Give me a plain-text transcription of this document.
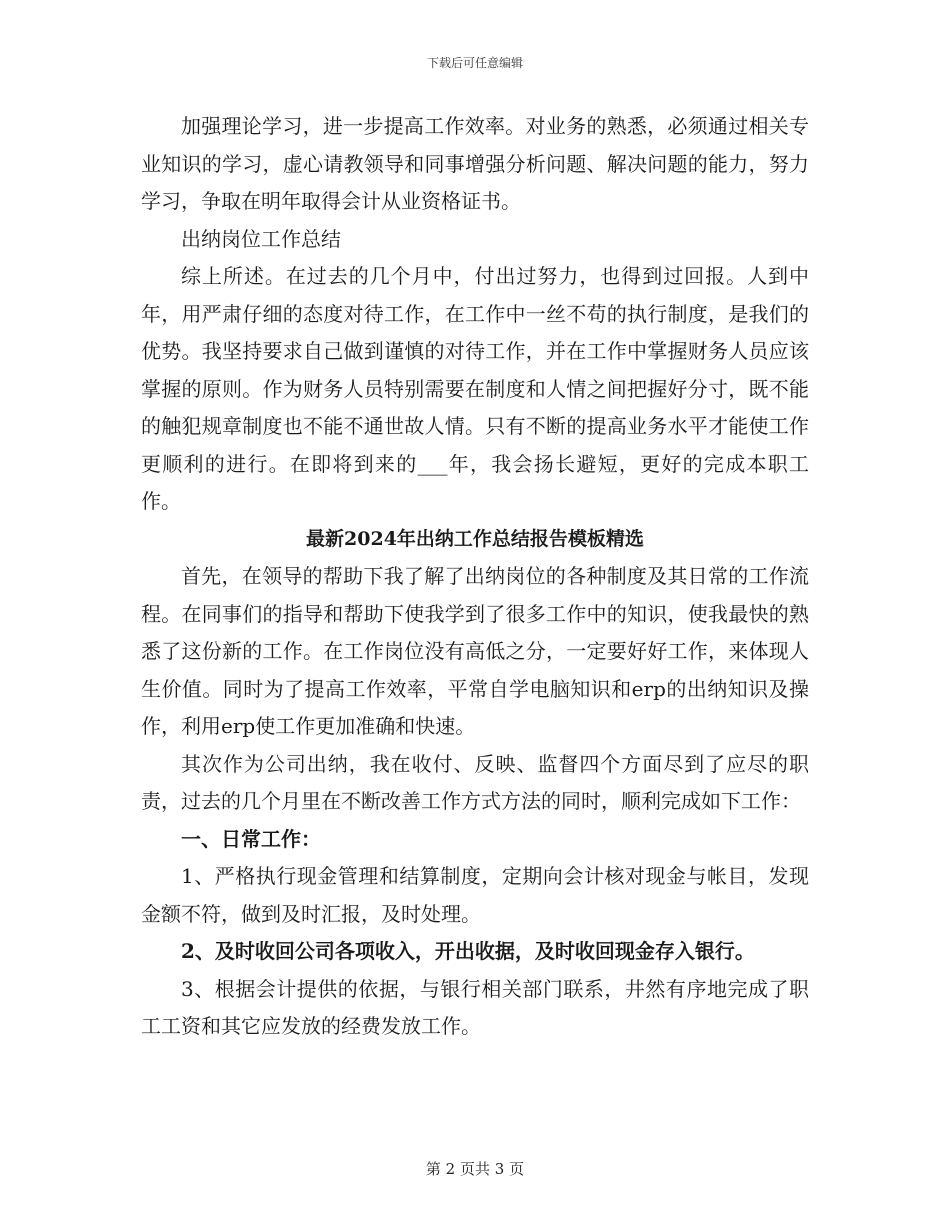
下载后可任意编辑

加强理论学习，进一步提高工作效率。对业务的熟悉，必须通过相关专业知识的学习，虚心请教领导和同事增强分析问题、解决问题的能力，努力学习，争取在明年取得会计从业资格证书。

出纳岗位工作总结

综上所述。在过去的几个月中，付出过努力，也得到过回报。人到中年，用严肃仔细的态度对待工作，在工作中一丝不苟的执行制度，是我们的优势。我坚持要求自己做到谨慎的对待工作，并在工作中掌握财务人员应该掌握的原则。作为财务人员特别需要在制度和人情之间把握好分寸，既不能的触犯规章制度也不能不通世故人情。只有不断的提高业务水平才能使工作更顺利的进行。在即将到来的___年，我会扬长避短，更好的完成本职工作。

最新2024年出纳工作总结报告模板精选

首先，在领导的帮助下我了解了出纳岗位的各种制度及其日常的工作流程。在同事们的指导和帮助下使我学到了很多工作中的知识，使我最快的熟悉了这份新的工作。在工作岗位没有高低之分，一定要好好工作，来体现人生价值。同时为了提高工作效率，平常自学电脑知识和erp的出纳知识及操作，利用erp使工作更加准确和快速。

其次作为公司出纳，我在收付、反映、监督四个方面尽到了应尽的职责，过去的几个月里在不断改善工作方式方法的同时，顺利完成如下工作：

一、日常工作：

1、严格执行现金管理和结算制度，定期向会计核对现金与帐目，发现金额不符，做到及时汇报，及时处理。

2、及时收回公司各项收入，开出收据，及时收回现金存入银行。

3、根据会计提供的依据，与银行相关部门联系，井然有序地完成了职工工资和其它应发放的经费发放工作。

第 2 页共 3 页
